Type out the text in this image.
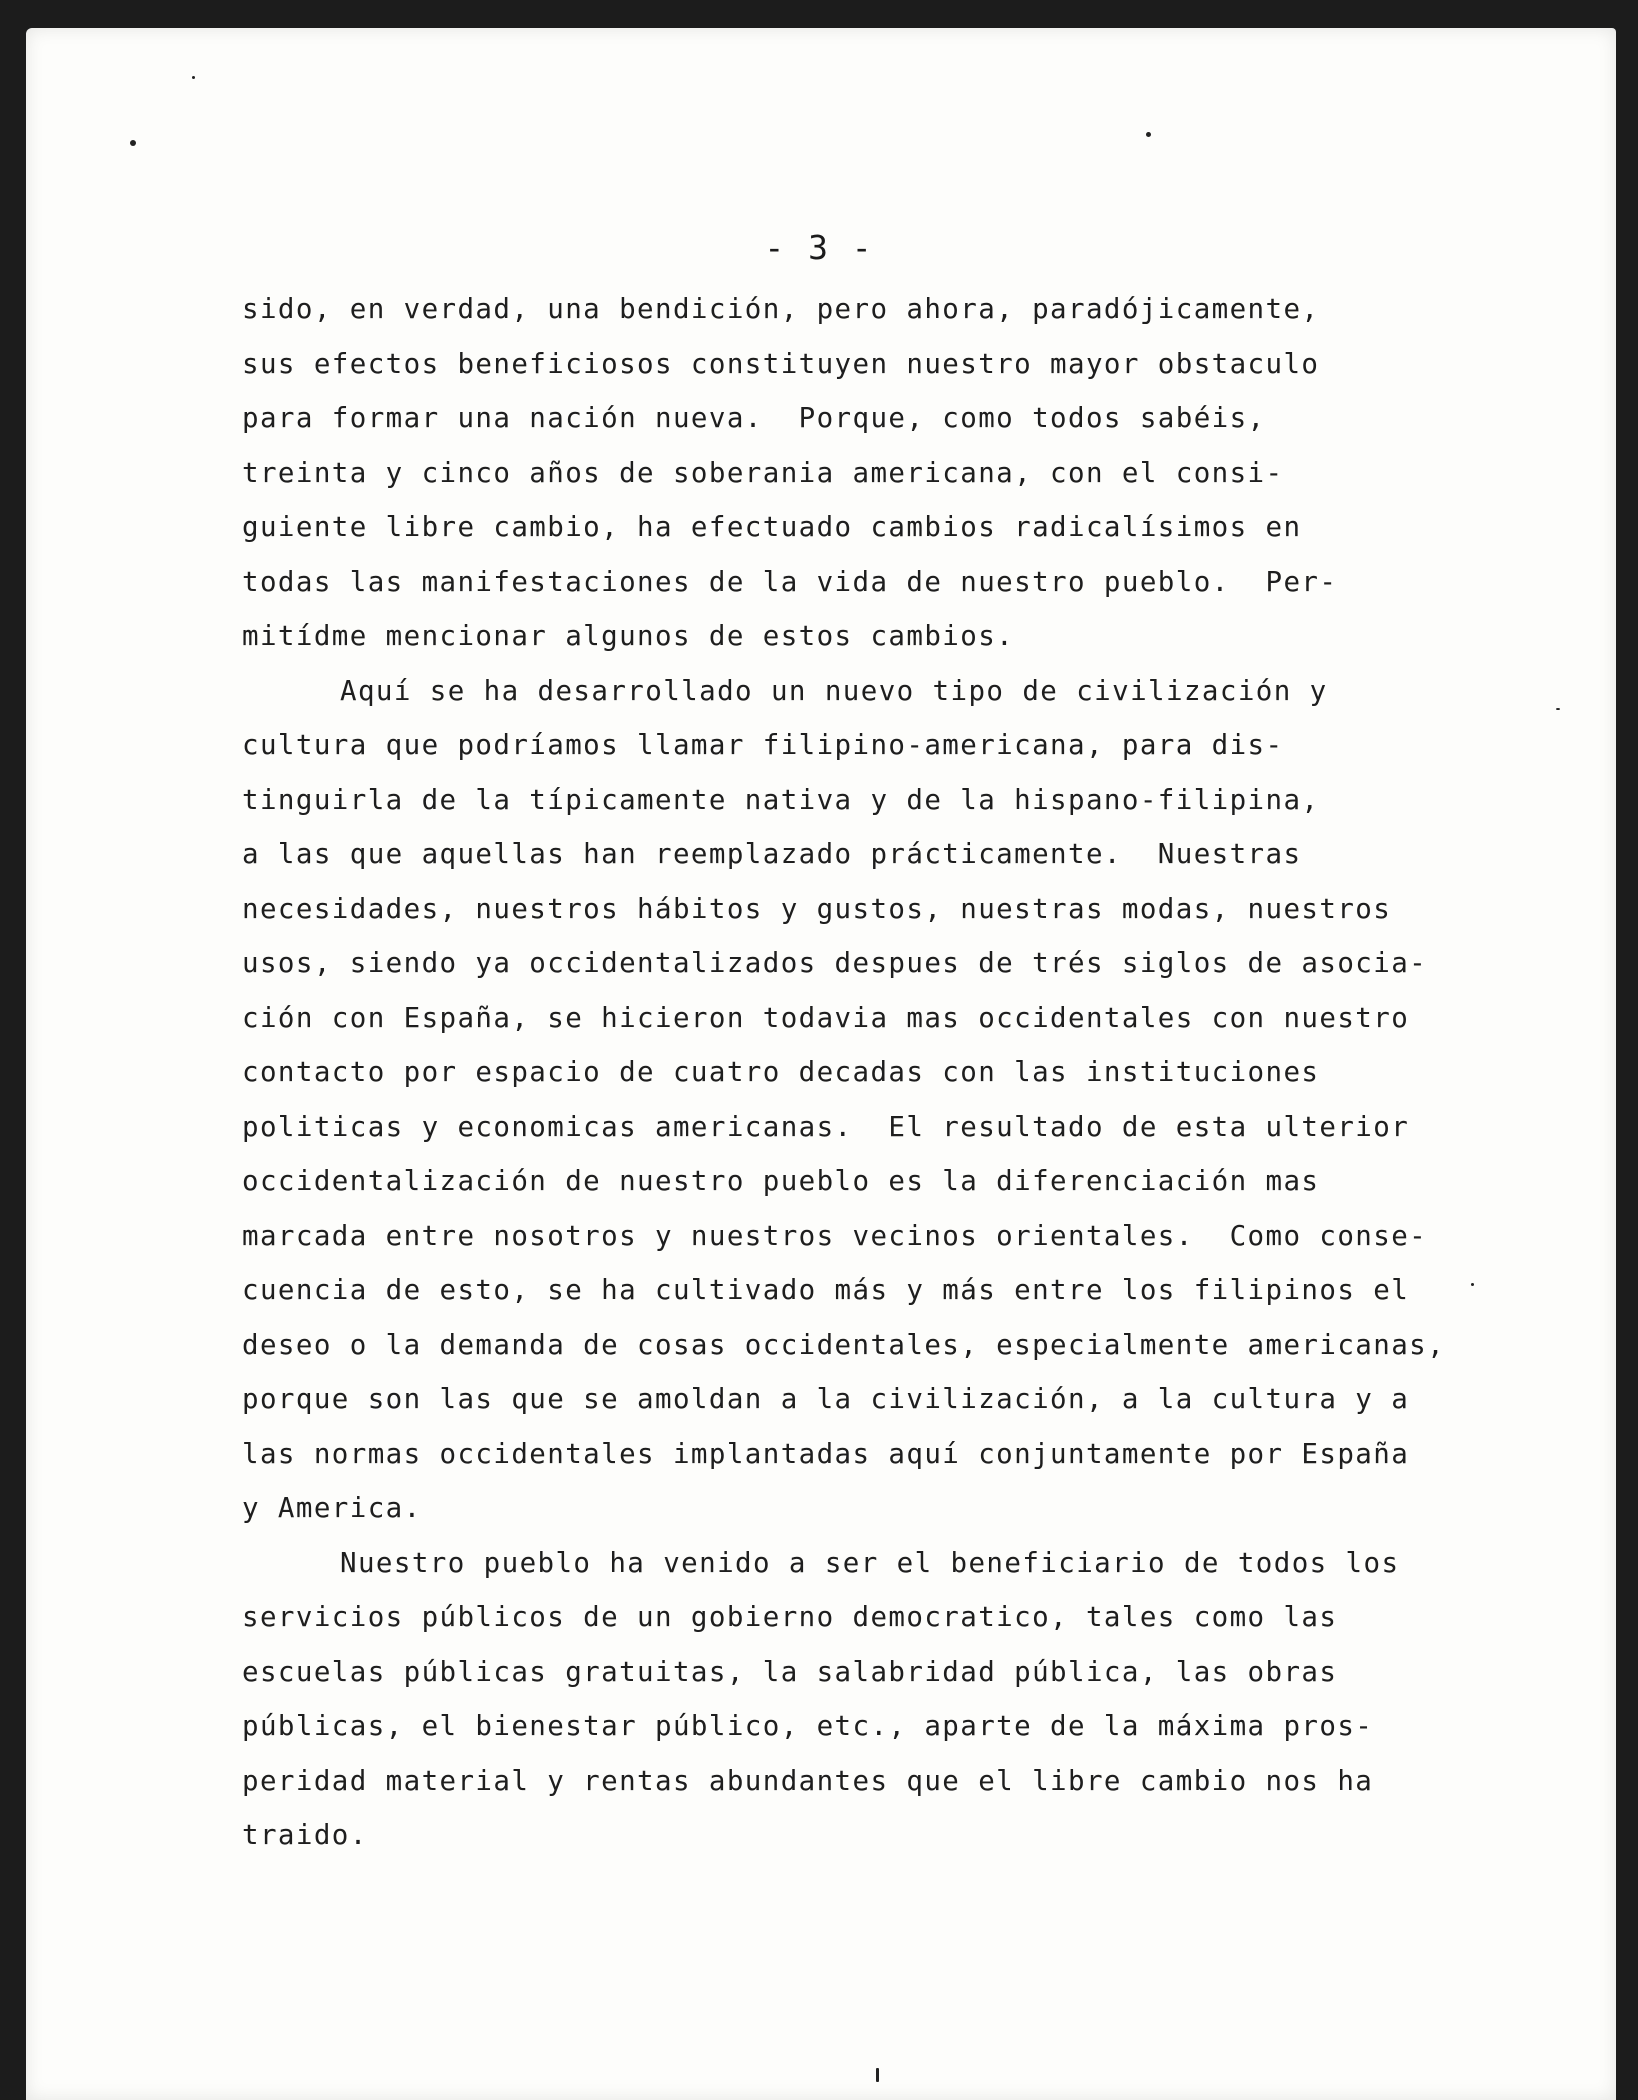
- 3 -
sido, en verdad, una bendición, pero ahora, paradójicamente,
sus efectos beneficiosos constituyen nuestro mayor obstaculo
para formar una nación nueva.  Porque, como todos sabéis,
treinta y cinco años de soberania americana, con el consi-
guiente libre cambio, ha efectuado cambios radicalísimos en
todas las manifestaciones de la vida de nuestro pueblo.  Per-
mitídme mencionar algunos de estos cambios.
Aquí se ha desarrollado un nuevo tipo de civilización y
cultura que podríamos llamar filipino-americana, para dis-
tinguirla de la típicamente nativa y de la hispano-filipina,
a las que aquellas han reemplazado prácticamente.  Nuestras
necesidades, nuestros hábitos y gustos, nuestras modas, nuestros
usos, siendo ya occidentalizados despues de trés siglos de asocia-
ción con España, se hicieron todavia mas occidentales con nuestro
contacto por espacio de cuatro decadas con las instituciones
politicas y economicas americanas.  El resultado de esta ulterior
occidentalización de nuestro pueblo es la diferenciación mas
marcada entre nosotros y nuestros vecinos orientales.  Como conse-
cuencia de esto, se ha cultivado más y más entre los filipinos el
deseo o la demanda de cosas occidentales, especialmente americanas,
porque son las que se amoldan a la civilización, a la cultura y a
las normas occidentales implantadas aquí conjuntamente por España
y America.
Nuestro pueblo ha venido a ser el beneficiario de todos los
servicios públicos de un gobierno democratico, tales como las
escuelas públicas gratuitas, la salabridad pública, las obras
públicas, el bienestar público, etc., aparte de la máxima pros-
peridad material y rentas abundantes que el libre cambio nos ha
traido.
